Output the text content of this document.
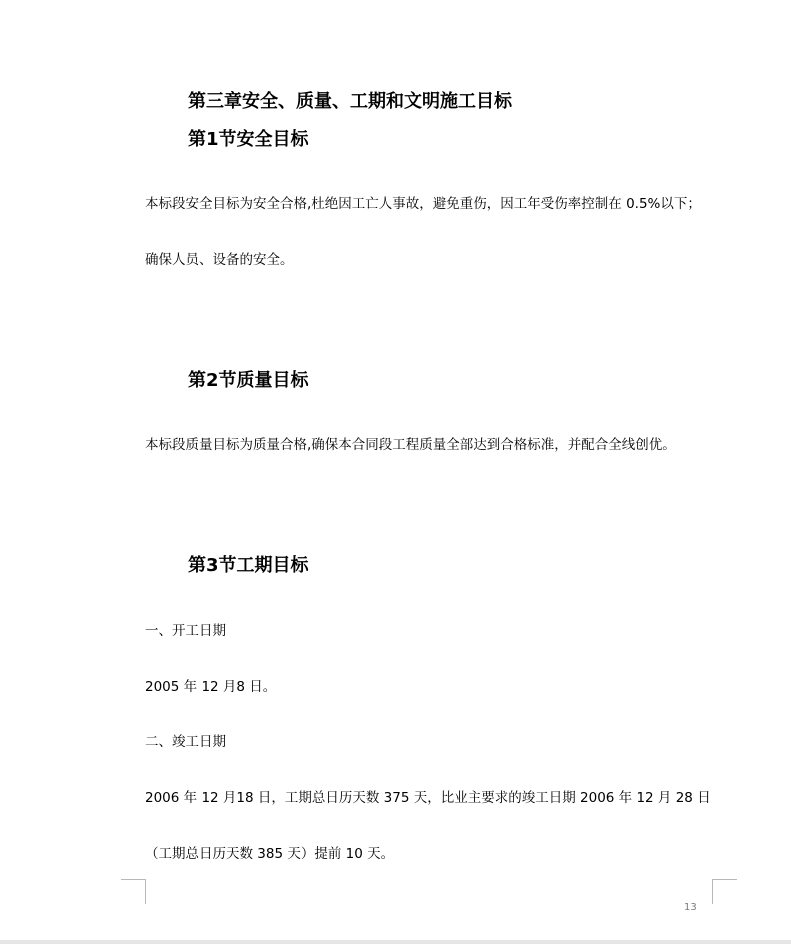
第三章安全、质量、工期和文明施工目标
第1节安全目标
本标段安全目标为安全合格,杜绝因工亡人事故，避免重伤，因工年受伤率控制在 0.5%以下；
确保人员、设备的安全。
第2节质量目标
本标段质量目标为质量合格,确保本合同段工程质量全部达到合格标准，并配合全线创优。
第3节工期目标
一、开工日期
2005 年 12 月8 日。
二、竣工日期
2006 年 12 月18 日，工期总日历天数 375 天，比业主要求的竣工日期 2006 年 12 月 28 日
（工期总日历天数 385 天）提前 10 天。
13
